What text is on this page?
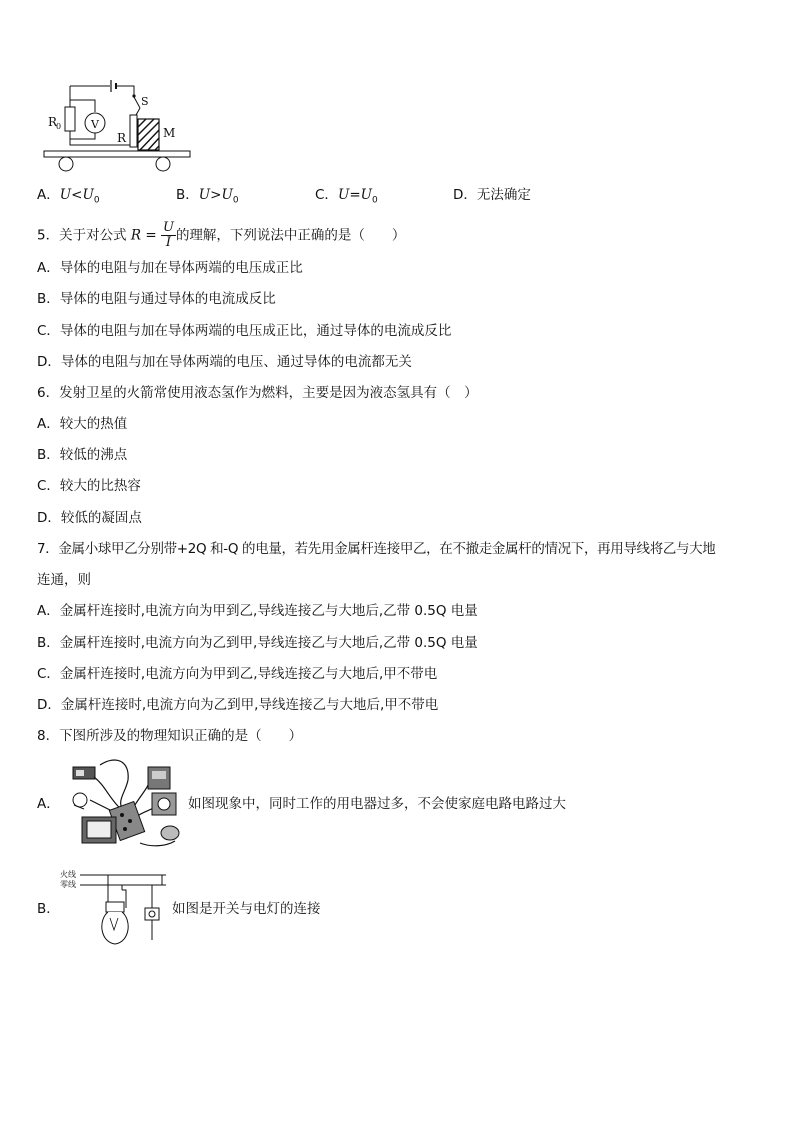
R
0	V
S
R	M
A．$U<U_0$	B．$U>U_0$	C．$U=U_0$	D．无法确定
5．关于对公式 $R = \frac{U}{I}$ 的理解，下列说法中正确的是（　　）
A．导体的电阻与加在导体两端的电压成正比
B．导体的电阻与通过导体的电流成反比
C．导体的电阻与加在导体两端的电压成正比，通过导体的电流成反比
D．导体的电阻与加在导体两端的电压、通过导体的电流都无关
6．发射卫星的火箭常使用液态氢作为燃料，主要是因为液态氢具有（　）
A．较大的热值
B．较低的沸点
C．较大的比热容
D．较低的凝固点
7．金属小球甲乙分别带+2Q 和-Q 的电量，若先用金属杆连接甲乙，在不撤走金属杆的情况下，再用导线将乙与大地
连通，则
A．金属杆连接时,电流方向为甲到乙,导线连接乙与大地后,乙带 0.5Q 电量
B．金属杆连接时,电流方向为乙到甲,导线连接乙与大地后,乙带 0.5Q 电量
C．金属杆连接时,电流方向为甲到乙,导线连接乙与大地后,甲不带电
D．金属杆连接时,电流方向为乙到甲,导线连接乙与大地后,甲不带电
8．下图所涉及的物理知识正确的是（　　）
A．	如图现象中，同时工作的用电器过多，不会使家庭电路电路过大
B．
火线
零线
如图是开关与电灯的连接
